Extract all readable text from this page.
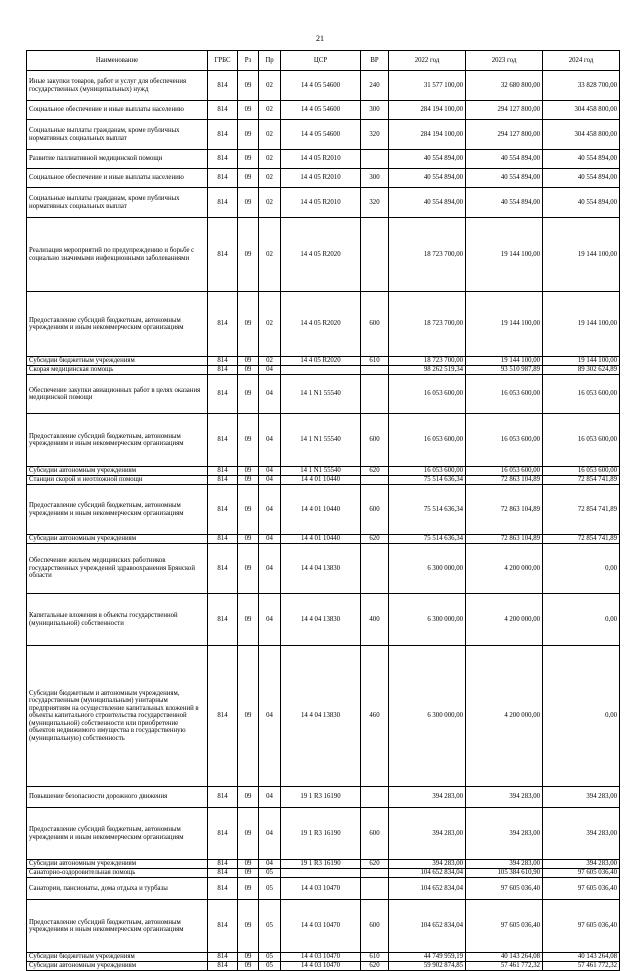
21
Наименование	ГРБС	Рз	Пр	ЦСР	ВР	2022 год	2023 год	2024 год
Иные закупки товаров, работ и услуг для обеспечения государственных (муниципальных) нужд	814	09	02	14 4 05 54600	240	31 577 100,00	32 680 800,00	33 828 700,00
Социальное обеспечение и иные выплаты населению	814	09	02	14 4 05 54600	300	284 194 100,00	294 127 800,00	304 458 800,00
Социальные выплаты гражданам, кроме публичных нормативных социальных выплат	814	09	02	14 4 05 54600	320	284 194 100,00	294 127 800,00	304 458 800,00
Развитие паллиативной медицинской помощи	814	09	02	14 4 05 R2010		40 554 894,00	40 554 894,00	40 554 894,00
Социальное обеспечение и иные выплаты населению	814	09	02	14 4 05 R2010	300	40 554 894,00	40 554 894,00	40 554 894,00
Социальные выплаты гражданам, кроме публичных нормативных социальных выплат	814	09	02	14 4 05 R2010	320	40 554 894,00	40 554 894,00	40 554 894,00
Реализация мероприятий по предупреждению и борьбе с социально значимыми инфекционными заболеваниями	814	09	02	14 4 05 R2020		18 723 700,00	19 144 100,00	19 144 100,00
Предоставление субсидий бюджетным, автономным учреждениям и иным некоммерческим организациям	814	09	02	14 4 05 R2020	600	18 723 700,00	19 144 100,00	19 144 100,00
Субсидии бюджетным учреждениям	814	09	02	14 4 05 R2020	610	18 723 700,00	19 144 100,00	19 144 100,00
Скорая медицинская помощь	814	09	04			98 262 519,34	93 510 987,89	89 302 624,89
Обеспечение закупки авиационных работ в целях оказания медицинской помощи	814	09	04	14 1 N1 55540		16 053 600,00	16 053 600,00	16 053 600,00
Предоставление субсидий бюджетным, автономным учреждениям и иным некоммерческим организациям	814	09	04	14 1 N1 55540	600	16 053 600,00	16 053 600,00	16 053 600,00
Субсидии автономным учреждениям	814	09	04	14 1 N1 55540	620	16 053 600,00	16 053 600,00	16 053 600,00
Станции скорой и неотложной помощи	814	09	04	14 4 01 10440		75 514 636,34	72 863 104,89	72 854 741,89
Предоставление субсидий бюджетным, автономным учреждениям и иным некоммерческим организациям	814	09	04	14 4 01 10440	600	75 514 636,34	72 863 104,89	72 854 741,89
Субсидии автономным учреждениям	814	09	04	14 4 01 10440	620	75 514 636,34	72 863 104,89	72 854 741,89
Обеспечение жильем медицинских работников государственных учреждений здравоохранения Брянской области	814	09	04	14 4 04 13830		6 300 000,00	4 200 000,00	0,00
Капитальные вложения в объекты государственной (муниципальной) собственности	814	09	04	14 4 04 13830	400	6 300 000,00	4 200 000,00	0,00
Субсидии бюджетным и автономным учреждениям, государственным (муниципальным) унитарным предприятиям на осуществление капитальных вложений в объекты капитального строительства государственной (муниципальной) собственности или приобретение объектов недвижимого имущества в государственную (муниципальную) собственность	814	09	04	14 4 04 13830	460	6 300 000,00	4 200 000,00	0,00
Повышение безопасности дорожного движения	814	09	04	19 1 R3 16190		394 283,00	394 283,00	394 283,00
Предоставление субсидий бюджетным, автономным учреждениям и иным некоммерческим организациям	814	09	04	19 1 R3 16190	600	394 283,00	394 283,00	394 283,00
Субсидии автономным учреждениям	814	09	04	19 1 R3 16190	620	394 283,00	394 283,00	394 283,00
Санаторно-оздоровительная помощь	814	09	05			104 652 834,04	105 384 610,90	97 605 036,40
Санатории, пансионаты, дома отдыха и турбазы	814	09	05	14 4 03 10470		104 652 834,04	97 605 036,40	97 605 036,40
Предоставление субсидий бюджетным, автономным учреждениям и иным некоммерческим организациям	814	09	05	14 4 03 10470	600	104 652 834,04	97 605 036,40	97 605 036,40
Субсидии бюджетным учреждениям	814	09	05	14 4 03 10470	610	44 749 959,19	40 143 264,08	40 143 264,08
Субсидии автономным учреждениям	814	09	05	14 4 03 10470	620	59 902 874,85	57 461 772,32	57 461 772,32
